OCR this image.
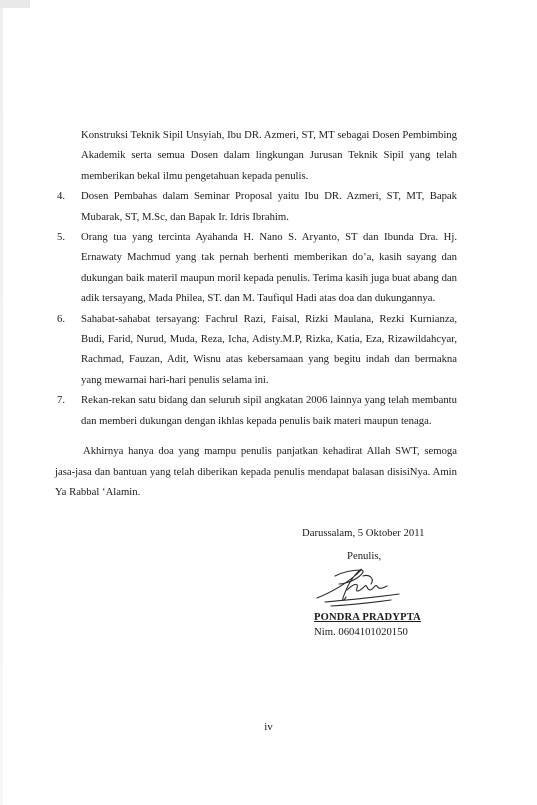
Konstruksi Teknik Sipil Unsyiah, Ibu DR. Azmeri, ST, MT sebagai Dosen Pembimbing Akademik serta semua Dosen dalam lingkungan Jurusan Teknik Sipil yang telah memberikan bekal ilmu pengetahuan kepada penulis.

4. Dosen Pembahas dalam Seminar Proposal yaitu Ibu DR. Azmeri, ST, MT, Bapak Mubarak, ST, M.Sc, dan Bapak Ir. Idris Ibrahim.
5. Orang tua yang tercinta Ayahanda H. Nano S. Aryanto, ST dan Ibunda Dra. Hj. Ernawaty Machmud yang tak pernah berhenti memberikan do’a, kasih sayang dan dukungan baik materil maupun moril kepada penulis. Terima kasih juga buat abang dan adik tersayang, Mada Philea, ST. dan M. Taufiqul Hadi atas doa dan dukungannya.
6. Sahabat-sahabat tersayang: Fachrul Razi, Faisal, Rizki Maulana, Rezki Kurnianza, Budi, Farid, Nurud, Muda, Reza, Icha, Adisty.M.P, Rizka, Katia, Eza, Rizawildahcyar, Rachmad, Fauzan, Adit, Wisnu atas kebersamaan yang begitu indah dan bermakna yang mewarnai hari-hari penulis selama ini.
7. Rekan-rekan satu bidang dan seluruh sipil angkatan 2006 lainnya yang telah membantu dan memberi dukungan dengan ikhlas kepada penulis baik materi maupun tenaga.

Akhirnya hanya doa yang mampu penulis panjatkan kehadirat Allah SWT, semoga jasa-jasa dan bantuan yang telah diberikan kepada penulis mendapat balasan disisiNya. Amin Ya Rabbal ‘Alamin.

Darussalam, 5 Oktober 2011
Penulis,
PONDRA PRADYPTA
Nim. 0604101020150
iv
